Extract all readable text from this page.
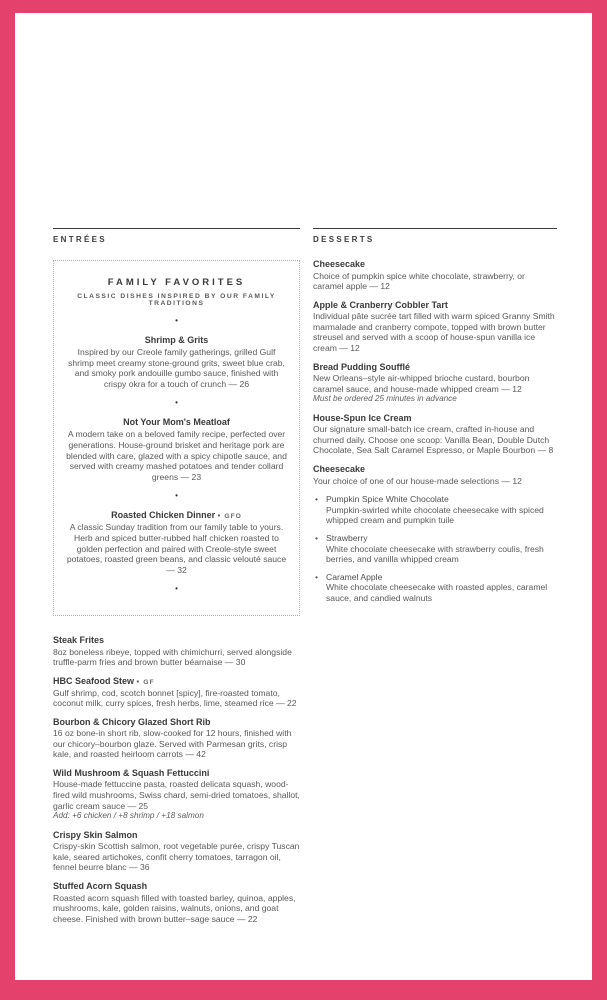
ENTRÉES
FAMILY FAVORITES
CLASSIC DISHES INSPIRED BY OUR FAMILY TRADITIONS
•
Shrimp & Grits
Inspired by our Creole family gatherings, grilled Gulf shrimp meet creamy stone-ground grits, sweet blue crab, and smoky pork andouille gumbo sauce, finished with crispy okra for a touch of crunch — 26
•
Not Your Mom's Meatloaf
A modern take on a beloved family recipe, perfected over generations. House-ground brisket and heritage pork are blended with care, glazed with a spicy chipotle sauce, and served with creamy mashed potatoes and tender collard greens — 23
•
Roasted Chicken Dinner • GFO
A classic Sunday tradition from our family table to yours. Herb and spiced butter-rubbed half chicken roasted to golden perfection and paired with Creole-style sweet potatoes, roasted green beans, and classic velouté sauce — 32
•
Steak Frites
8oz boneless ribeye, topped with chimichurri, served alongside truffle-parm fries and brown butter béarnaise — 30
HBC Seafood Stew • GF
Gulf shrimp, cod, scotch bonnet [spicy], fire-roasted tomato, coconut milk, curry spices, fresh herbs, lime, steamed rice — 22
Bourbon & Chicory Glazed Short Rib
16 oz bone-in short rib, slow-cooked for 12 hours, finished with our chicory–bourbon glaze. Served with Parmesan grits, crisp kale, and roasted heirloom carrots — 42
Wild Mushroom & Squash Fettuccini
House-made fettuccine pasta, roasted delicata squash, wood-fired wild mushrooms, Swiss chard, semi-dried tomatoes, shallot, garlic cream sauce — 25
Add: +6 chicken / +8 shrimp / +18 salmon
Crispy Skin Salmon
Crispy-skin Scottish salmon, root vegetable purée, crispy Tuscan kale, seared artichokes, confit cherry tomatoes, tarragon oil, fennel beurre blanc — 36
Stuffed Acorn Squash
Roasted acorn squash filled with toasted barley, quinoa, apples, mushrooms, kale, golden raisins, walnuts, onions, and goat cheese. Finished with brown butter–sage sauce — 22
DESSERTS
Cheesecake
Choice of pumpkin spice white chocolate, strawberry, or caramel apple — 12
Apple & Cranberry Cobbler Tart
Individual pâte sucrée tart filled with warm spiced Granny Smith marmalade and cranberry compote, topped with brown butter streusel and served with a scoop of house-spun vanilla ice cream — 12
Bread Pudding Soufflé
New Orleans–style air-whipped brioche custard, bourbon caramel sauce, and house-made whipped cream — 12
Must be ordered 25 minutes in advance
House-Spun Ice Cream
Our signature small-batch ice cream, crafted in-house and churned daily. Choose one scoop: Vanilla Bean, Double Dutch Chocolate, Sea Salt Caramel Espresso, or Maple Bourbon — 8
Cheesecake
Your choice of one of our house-made selections — 12
• Pumpkin Spice White Chocolate
Pumpkin-swirled white chocolate cheesecake with spiced whipped cream and pumpkin tuile
• Strawberry
White chocolate cheesecake with strawberry coulis, fresh berries, and vanilla whipped cream
• Caramel Apple
White chocolate cheesecake with roasted apples, caramel sauce, and candied walnuts
